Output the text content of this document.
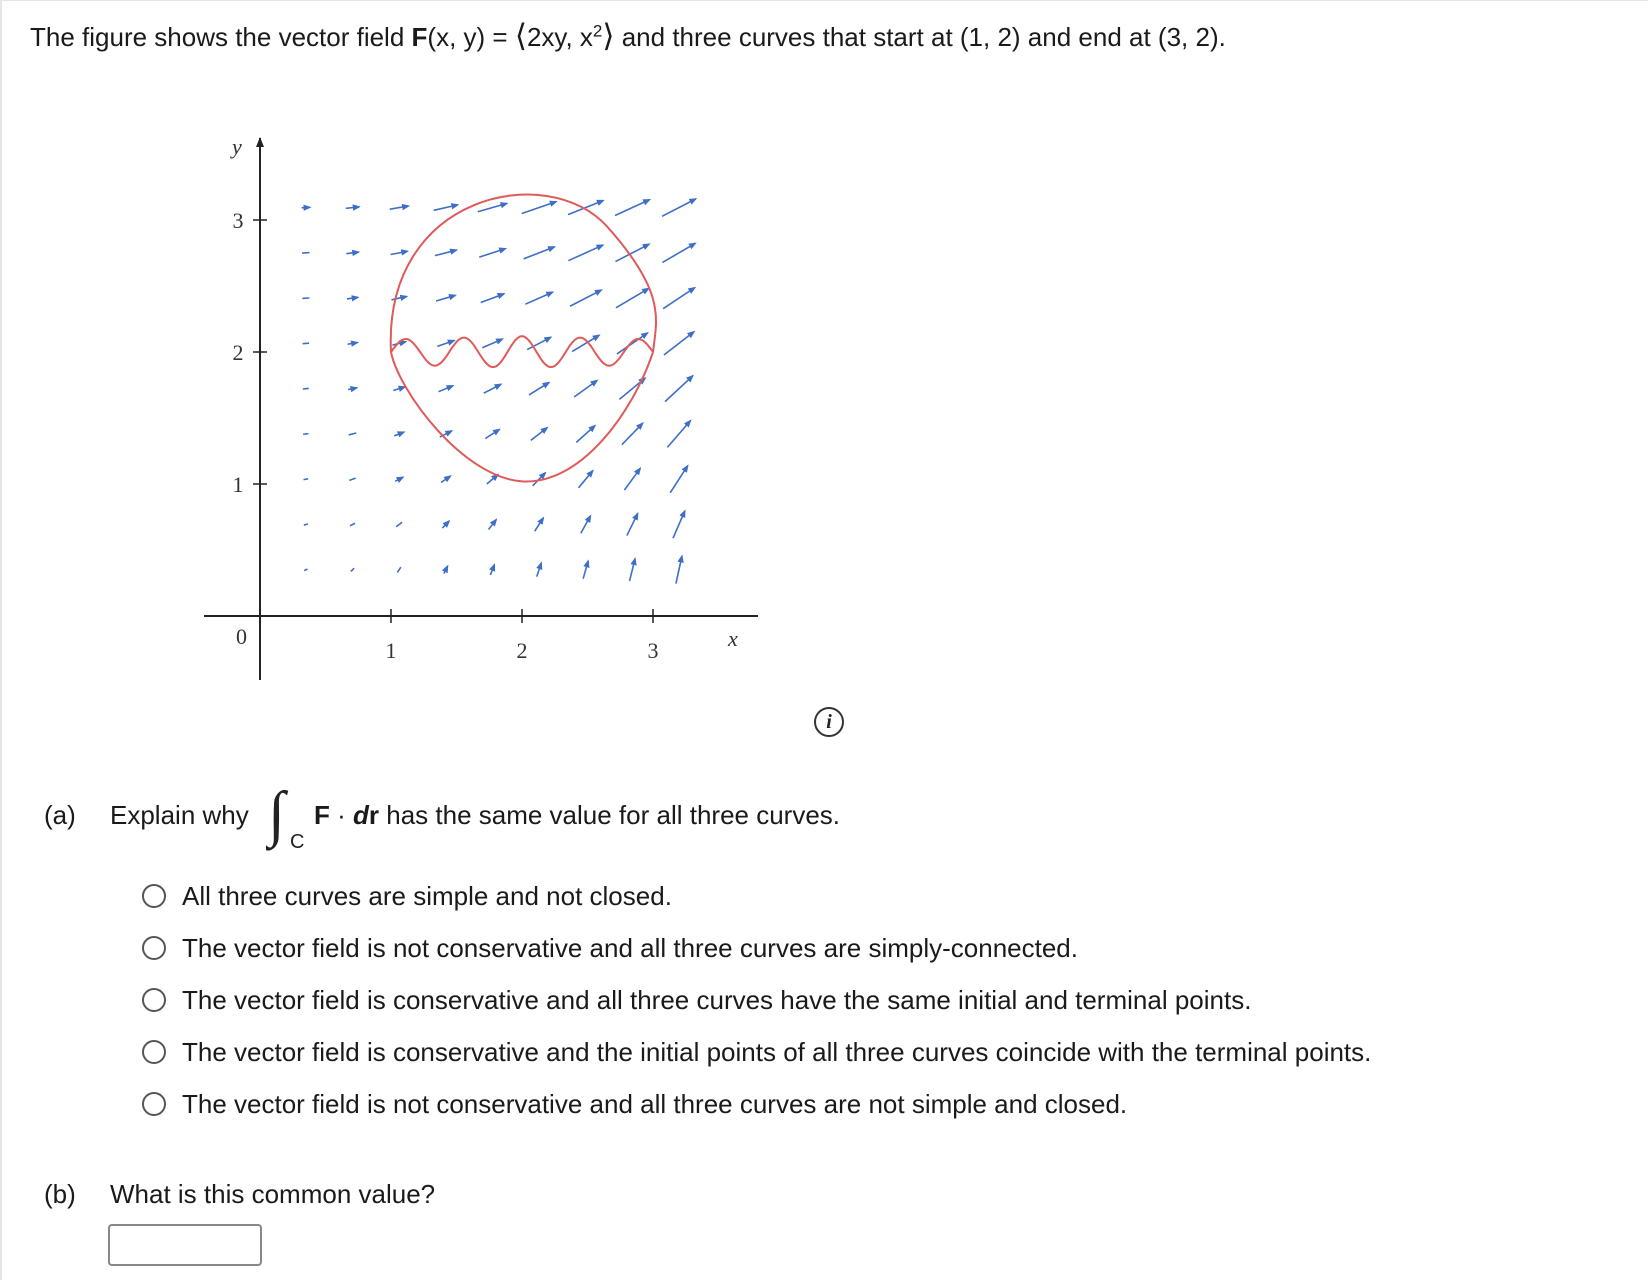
The figure shows the vector field F(x, y) = ⟨2xy, $x^2⟩$ and three curves that start at (1, 2) and end at (3, 2).
y
x
0
1	2	3
1
2
3
i
(a) Explain why ∫ C
F · dr has the same value for all three curves.
All three curves are simple and not closed.
The vector field is not conservative and all three curves are simply-connected.
The vector field is conservative and all three curves have the same initial and terminal points.
The vector field is conservative and the initial points of all three curves coincide with the terminal points.
The vector field is not conservative and all three curves are not simple and closed.
(b) What is this common value?
